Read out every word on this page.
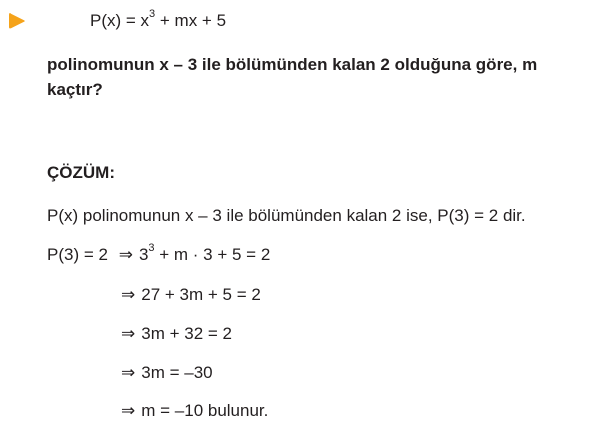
$P(x) = x^3$ + mx + 5
polinomunun x – 3 ile bölümünden kalan 2 olduğuna göre, m
kaçtır?
ÇÖZÜM:
P(x) polinomunun x – 3 ile bölümünden kalan 2 ise, P(3) = 2 dir.
P(3) = 2 ⇒ $3^3 + m \cdot 3 + 5 = 2$
⇒ 27 + 3m + 5 = 2
⇒ 3m + 32 = 2
⇒ 3m = –30
⇒ m = –10 bulunur.
